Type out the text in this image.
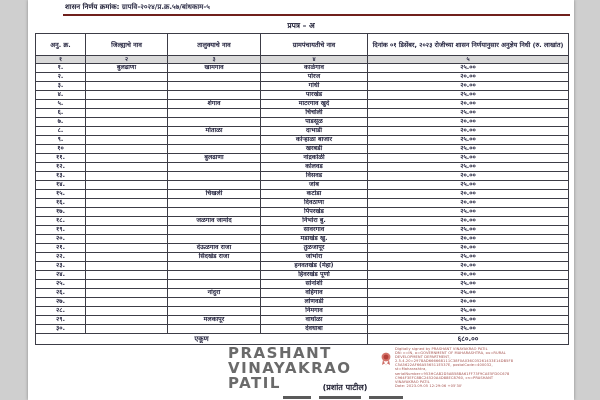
शासन निर्णय क्रमांक: ग्रापवि-२०२४/प्र.क्र.५७/बांधकाम-५
प्रपत्र – अ
अनु. क्र.	जिल्ह्याचे नाव	तालुक्याचे नाव	ग्रामपंचायतीचे नाव	दिनांक ०१ डिसेंबर, २०२३ रोजीच्या शासन निर्णयानुसार अनुज्ञेय निधी (रु. लाखांत)
१	२	३	४	५
१.	बुलढाणा	खामगाव	काळेगाव	२५.००
२.			पोरज	२०.००
३.			गांधी	२०.००
४.			पारखेड	२५.००
५.		शेगाव	माटरगाव खुर्द	२०.००
६.			चिंचोली	२५.००
७.			पाडसूळ	२०.००
८.		मोताळा	दाभाडी	२०.००
९.			कोऱ्हाळा बाजार	२५.००
१०			खरबडी	२५.००
११.		बुलढाणा	नांद्रकोळी	२५.००
१२.			कोलवड	२५.००
१३.			विसवड	२०.००
१४.			जांब	२५.००
१५.		चिखली	कटोडा	२०.००
१६.			दिवठाणा	२०.००
१७.			पिंपरखेड	२५.००
१८.		जळगाव जामोद	निंभोरा बु.	२०.००
१९.			सावरगाव	२५.००
२०.			मडाखेड खु.	२०.००
२१.		देऊळगाव राजा	तुळजापूर	२०.००
२२.		सिंदखेड राजा	जांभोरा	२५.००
२३.			हनवतखेड (मेहा)	२०.००
२४.			हिवरखेड पूर्णा	२०.००
२५.			सोनोशी	२५.००
२६.		नांदुरा	वहिगाव	२५.००
२७.			लोणवडी	२०.००
२८.			निमगाव	२५.००
२९.		मलकापूर	वाघोळा	२५.००
३०.			देवधाबा	२५.००
एकूण				६८०.००
PRASHANT VINAYAKRAO PATIL
Digitally signed by PRASHANT VINAYAKRAO PATIL
DN: c=IN, o=GOVERNMENT OF MAHARASHTRA, ou=RURAL
DEVELOPMENT DEPARTMENT,
2.5.4.20=2978AD666668111C38F0A036C05261433E14DB5F8
C5A5622AF66A556511E537E, postalCode=400032,
st=Maharashtra,
serialNumber=953HCAB2D5AB58BA61FF73F9CAE5FD0C678
C964F3EFC8BC24520A4D88EC8760, cn=PRASHANT
VINAYAKRAO PATIL
Date: 2023.09.05 12:29:06 +05'30'
(प्रशांत पाटील)
